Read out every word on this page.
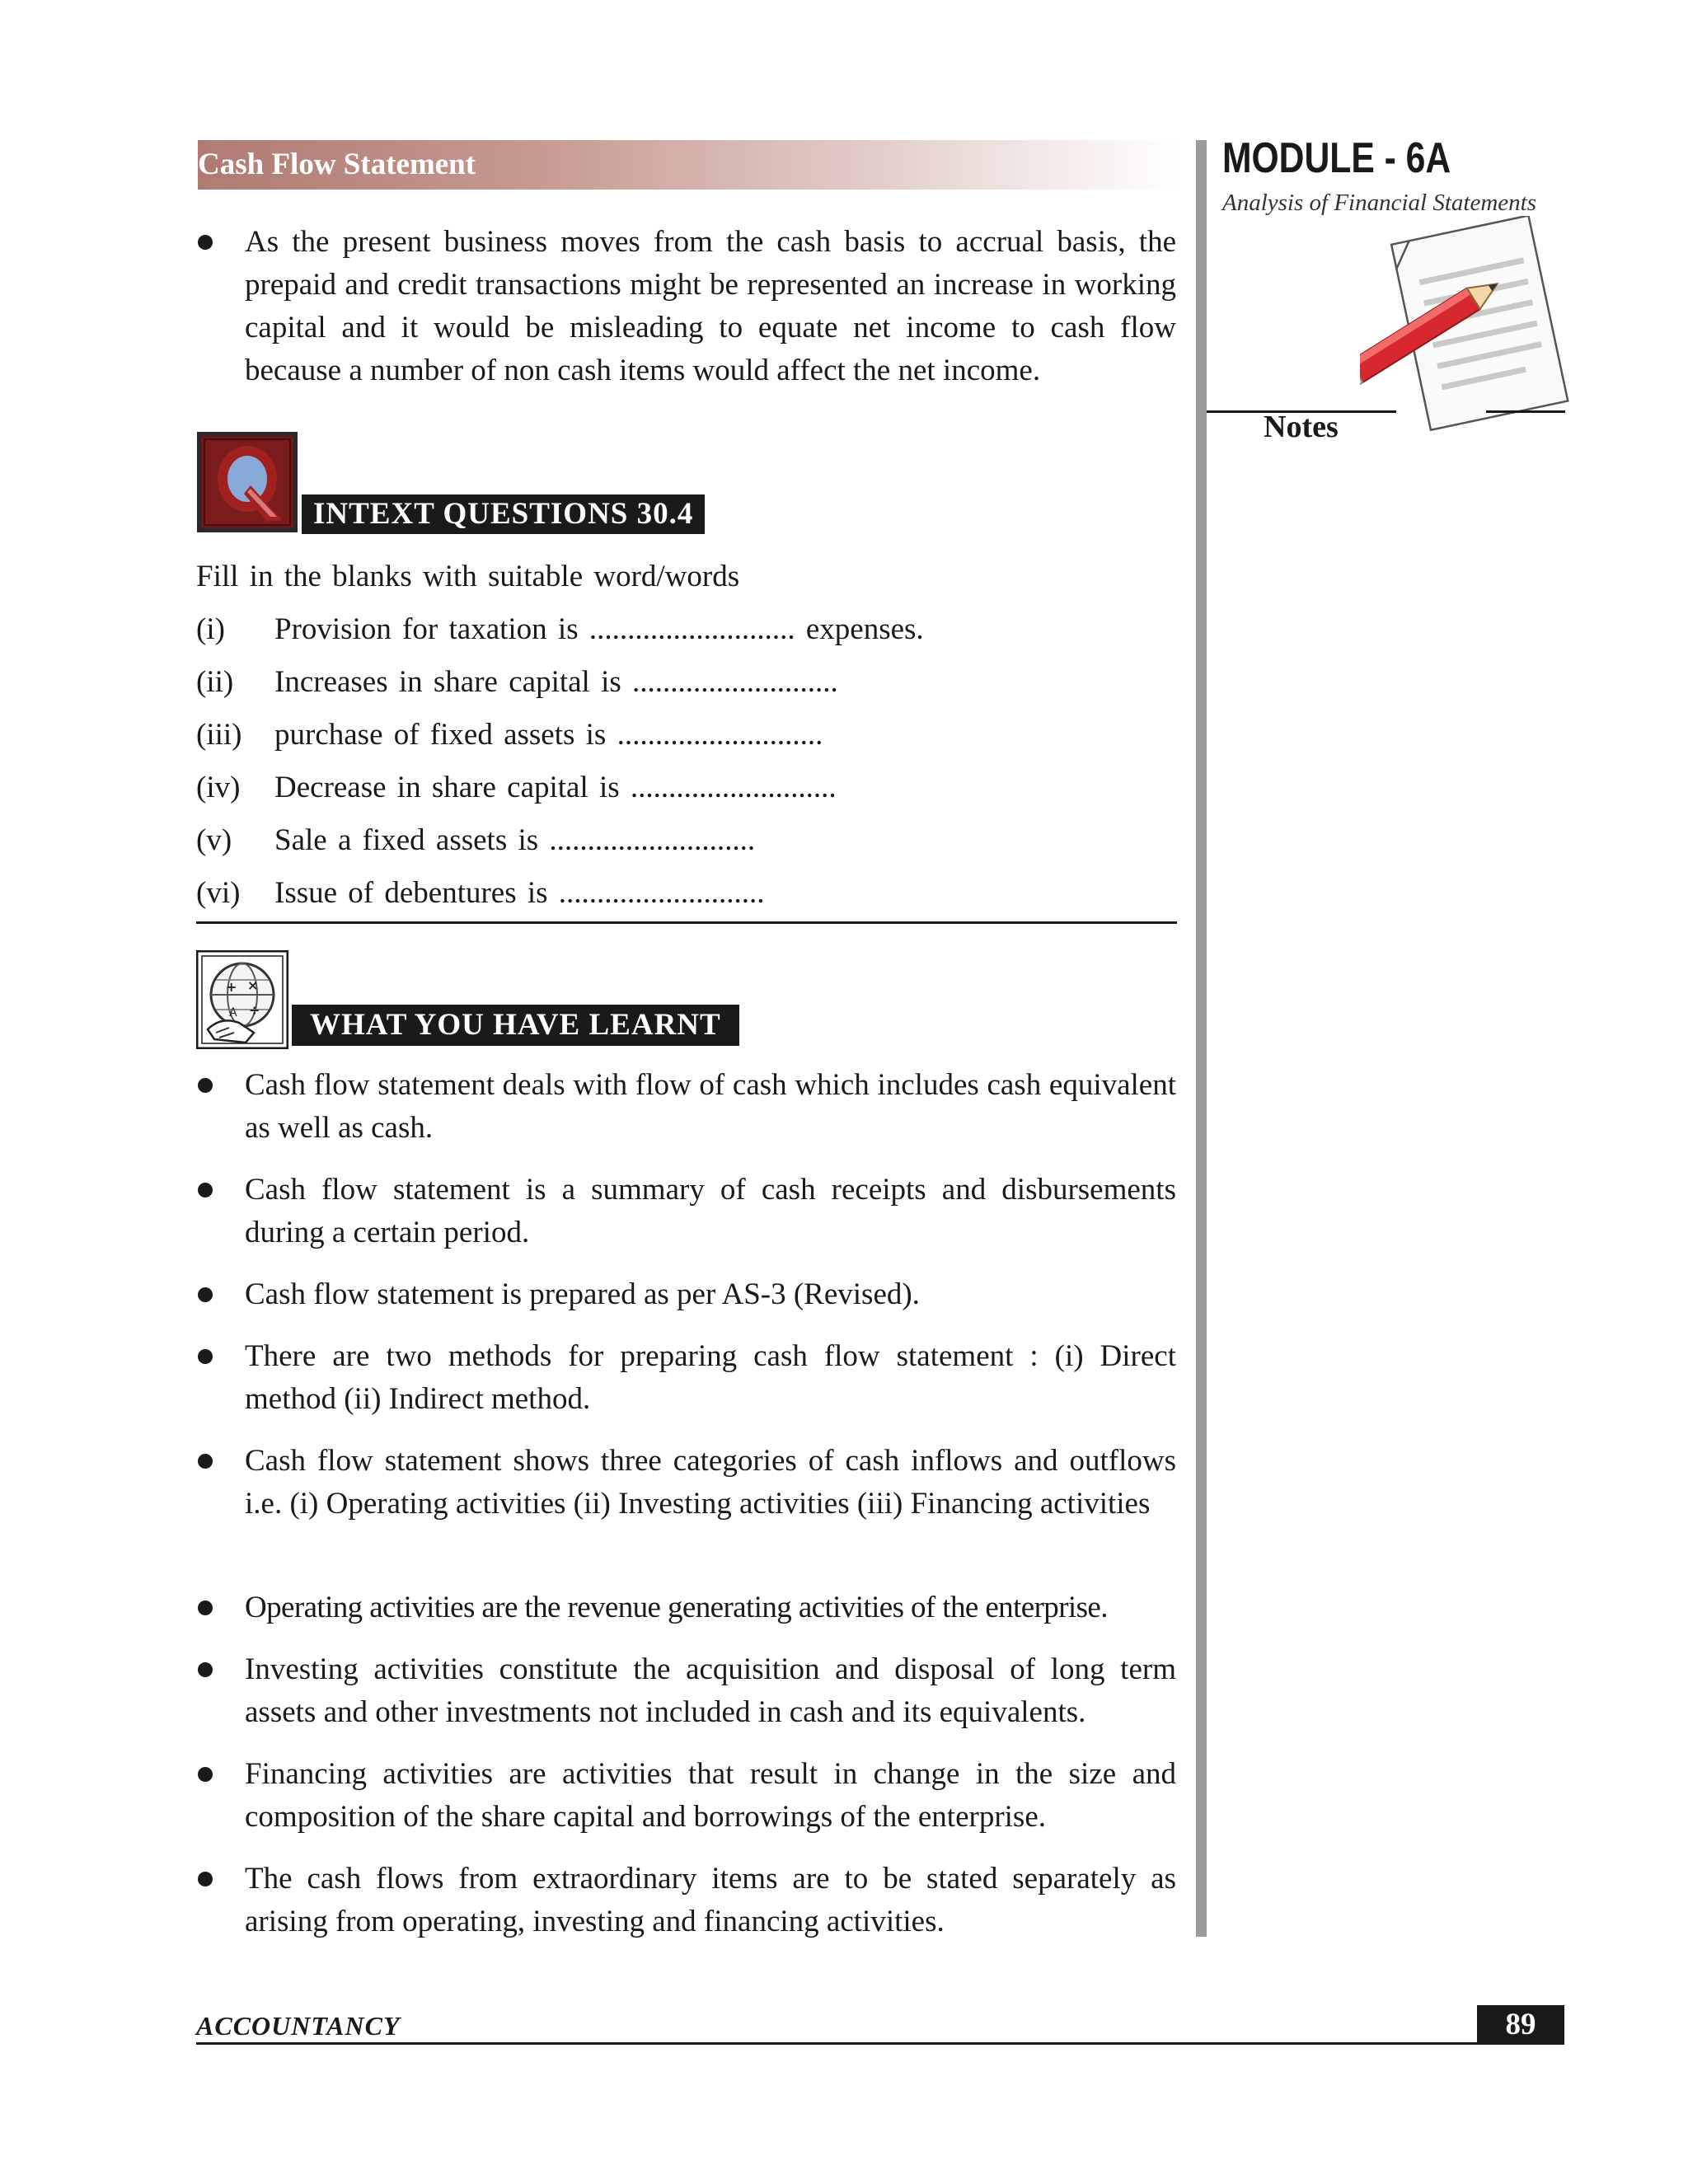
Cash Flow Statement	MODULE - 6A
Analysis of Financial Statements
Notes
As the present business moves from the cash basis to accrual basis, the prepaid and credit transactions might be represented an increase in working capital and it would be misleading to equate net income to cash flow because a number of non cash items would affect the net income.
INTEXT QUESTIONS 30.4
Fill in the blanks with suitable word/words
(i) Provision for taxation is ........................... expenses.
(ii) Increases in share capital is ...........................
(iii) purchase of fixed assets is ...........................
(iv) Decrease in share capital is ...........................
(v) Sale a fixed assets is ...........................
(vi) Issue of debentures is ...........................
+ ×
A ÷	WHAT YOU HAVE LEARNT
Cash flow statement deals with flow of cash which includes cash equivalent as well as cash.
Cash flow statement is a summary of cash receipts and disbursements during a certain period.
Cash flow statement is prepared as per AS-3 (Revised).
There are two methods for preparing cash flow statement : (i) Direct method (ii) Indirect method.
Cash flow statement shows three categories of cash inflows and outflows i.e. (i) Operating activities (ii) Investing activities (iii) Financing activities
Operating activities are the revenue generating activities of the enterprise.
Investing activities constitute the acquisition and disposal of long term assets and other investments not included in cash and its equivalents.
Financing activities are activities that result in change in the size and composition of the share capital and borrowings of the enterprise.
The cash flows from extraordinary items are to be stated separately as arising from operating, investing and financing activities.
ACCOUNTANCY	89
